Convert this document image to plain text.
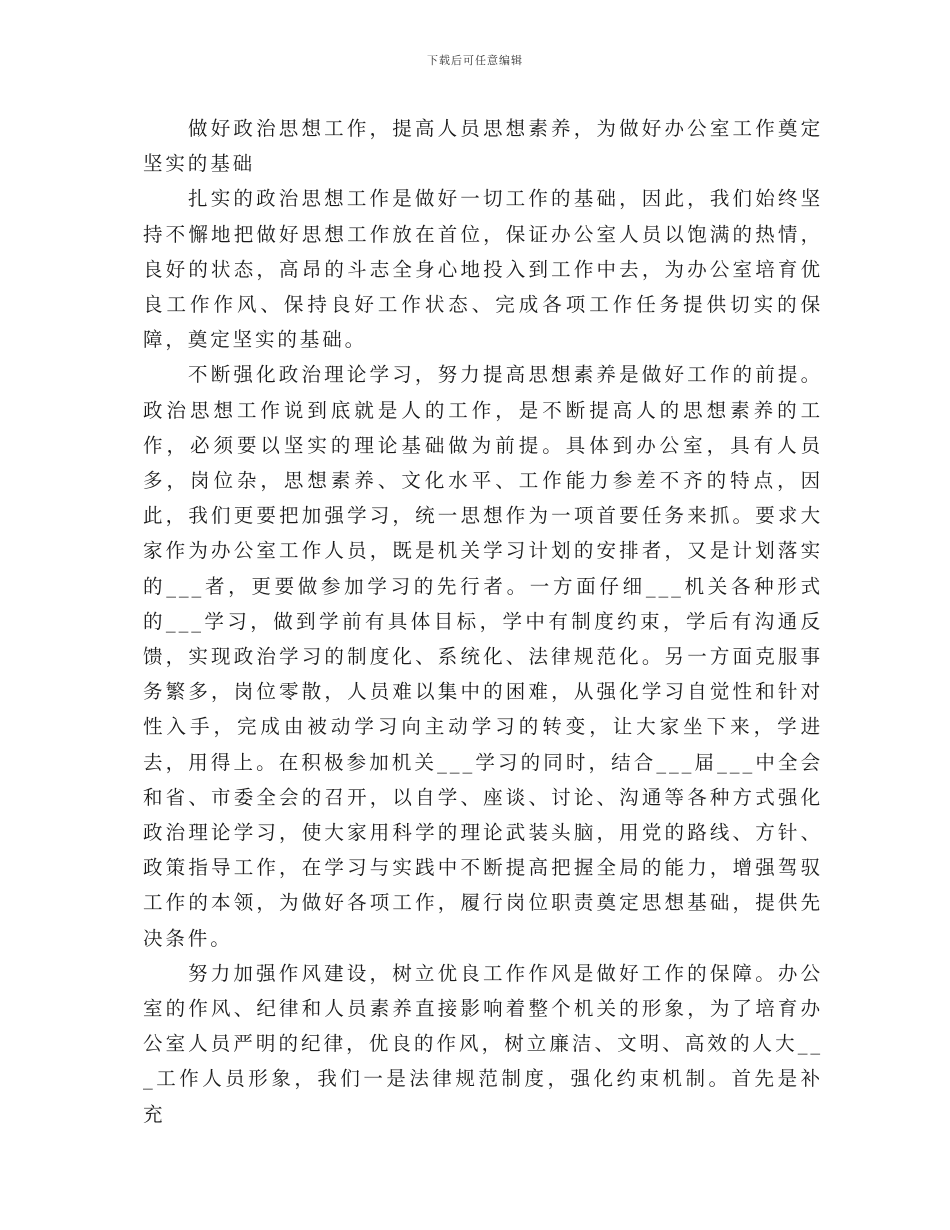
下载后可任意编辑

做好政治思想工作，提高人员思想素养，为做好办公室工作奠定坚实的基础

扎实的政治思想工作是做好一切工作的基础，因此，我们始终坚持不懈地把做好思想工作放在首位，保证办公室人员以饱满的热情，良好的状态，高昂的斗志全身心地投入到工作中去，为办公室培育优良工作作风、保持良好工作状态、完成各项工作任务提供切实的保障，奠定坚实的基础。

不断强化政治理论学习，努力提高思想素养是做好工作的前提。政治思想工作说到底就是人的工作，是不断提高人的思想素养的工作，必须要以坚实的理论基础做为前提。具体到办公室，具有人员多，岗位杂，思想素养、文化水平、工作能力参差不齐的特点，因此，我们更要把加强学习，统一思想作为一项首要任务来抓。要求大家作为办公室工作人员，既是机关学习计划的安排者，又是计划落实的___者，更要做参加学习的先行者。一方面仔细___机关各种形式的___学习，做到学前有具体目标，学中有制度约束，学后有沟通反馈，实现政治学习的制度化、系统化、法律规范化。另一方面克服事务繁多，岗位零散，人员难以集中的困难，从强化学习自觉性和针对性入手，完成由被动学习向主动学习的转变，让大家坐下来，学进去，用得上。在积极参加机关___学习的同时，结合___届___中全会和省、市委全会的召开，以自学、座谈、讨论、沟通等各种方式强化政治理论学习，使大家用科学的理论武装头脑，用党的路线、方针、政策指导工作，在学习与实践中不断提高把握全局的能力，增强驾驭工作的本领，为做好各项工作，履行岗位职责奠定思想基础，提供先决条件。

努力加强作风建设，树立优良工作作风是做好工作的保障。办公室的作风、纪律和人员素养直接影响着整个机关的形象，为了培育办公室人员严明的纪律，优良的作风，树立廉洁、文明、高效的人大___工作人员形象，我们一是法律规范制度，强化约束机制。首先是补充
